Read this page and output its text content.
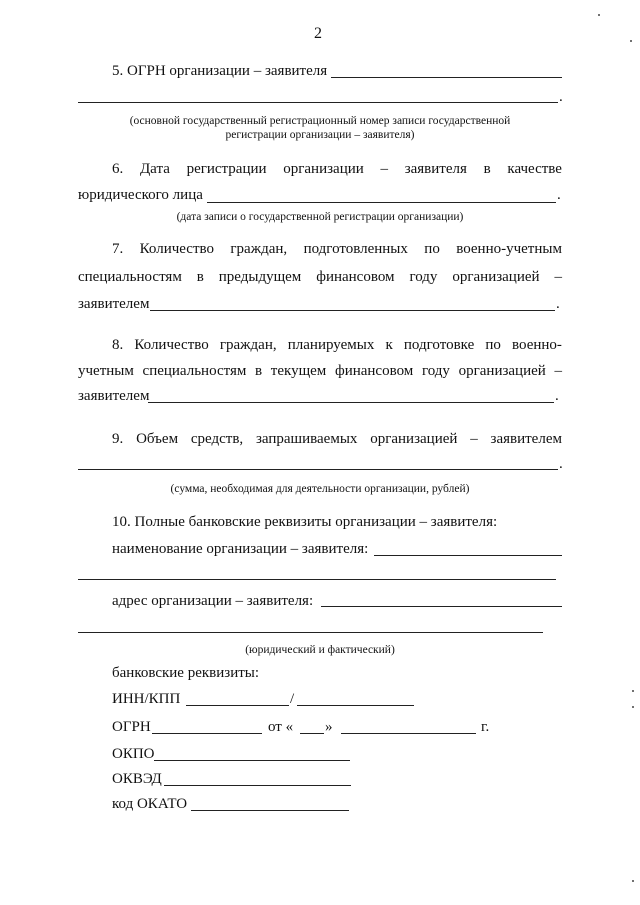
2
5. ОГРН организации – заявителя
.
(основной государственный регистрационный номер записи государственной
регистрации организации – заявителя)
6. Дата регистрации организации – заявителя в качестве
юридического лица	.
(дата записи о государственной регистрации организации)
7. Количество граждан, подготовленных по военно-учетным
специальностям в предыдущем финансовом году организацией –
заявителем	.
8. Количество граждан, планируемых к подготовке по военно-
учетным специальностям в текущем финансовом году организацией –
заявителем	.
9. Объем средств, запрашиваемых организацией – заявителем
.
(сумма, необходимая для деятельности организации, рублей)
10. Полные банковские реквизиты организации – заявителя:
наименование организации – заявителя:
адрес организации – заявителя:
(юридический и фактический)
банковские реквизиты:
ИНН/КПП	/
ОГРН	от « »	г.
ОКПО
ОКВЭД
код ОКАТО
